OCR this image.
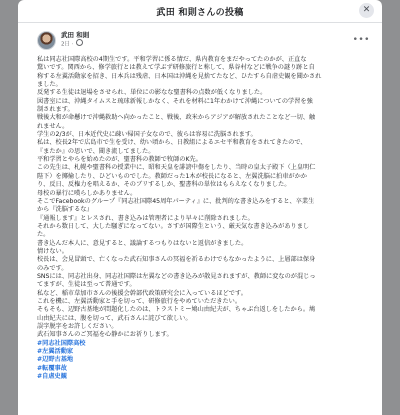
武田 和則さんの投稿	✕
武田 和則
2日 ·
•••

私は同志社国際高校の4期生です。平和学習に係る情だ、県内教育をまだやってたのかが、正直な

驚いです。関西から、修学旅行とは教えて学ぶず研修旅行と称して、県谷村などに戦争の謎り跡と自

称する左翼活動家を招き、日本兵は残虐、日本国は沖縄を見捨てたなど、ひたすら自虐史観を聞かされ

ました。

反発する生徒は退場をさせられ、単位にの影なな聖書科の点数が低くなりました。

図書室には、沖縄タイムスと琉球新報しかなく、それを材料に1年わかけて沖縄についての学習を強

制されます。

戦後大和が命懸けで沖縄救助へ向かったこと、戦後、政米からアジアが解放されたことなど一切、触

れません。

学生の2/3が、日本近代史に疎い帰国子女なので、彼らは容易に洗脳されます。

私は、校長2年で広島市で生を受け、幼い頃から、日教組によるエセ平和教育をされてきたので、

『またか』の思いで、聞き流してました。

平和学習とやらを始めたのが、聖書科の教師で牧師のK先。

この先生は、札幌や聖書科の授業中に、昭和天皇を誹謗中傷をしたり、当時の皇太子殿下（上皇明仁

陛下）を揶揄したり、ひどいものでした。教師だった1木が校長になると、左翼洗脳に拍車がかか

り、反日、反権力を唱えるか、そのブリするしか、聖書科の単位はもらえなくなりました。

母校の暴行に嘆らしかありません。

そこでFacebookのグループ『同志社国際45周年パーティ』に、批判的な書き込みをすると、卒業生

から『洗脳するな』

『通報します』とレスされ、書き込みは管理者により早々に削除されました。

それから数日して、大した騒ぎになってない。さすが国際生という、厳天気な書き込みがありまし

た。

書き込んだ本人に、意見すると、議論するつもりはないと返信がきました。

情けない。

校長は、会見冒頭で、亡くなった武石知事さんの冥福を祈るわけでもなかったように、上層部は保身

のみです。

SNSには、同志社出身、同志社国際は左翼などの書き込みが散見されますが、教師に変なのが混じっ

てますが、生徒は至って普通です。

私など、稲市草加市さんの後援会幹部代政策研究会に入っているほどです。

これを機に、左翼活動家と手を切って、研修旅行をやめていただきたい。

そもそも、辺野古基地が問題化したのは、トラストミー鳩山由紀夫が、ちゃぶ台返しをしたから。鳩

山由紀夫には、腹を切って、武石さんに詫びて欲しい。

誤字脱字をお許しください。

武石知事さんのご冥福を心静かにお祈りします。

#同志社国際高校

#左翼活動家

#辺野古基地

#転覆事故

#自虐史観
